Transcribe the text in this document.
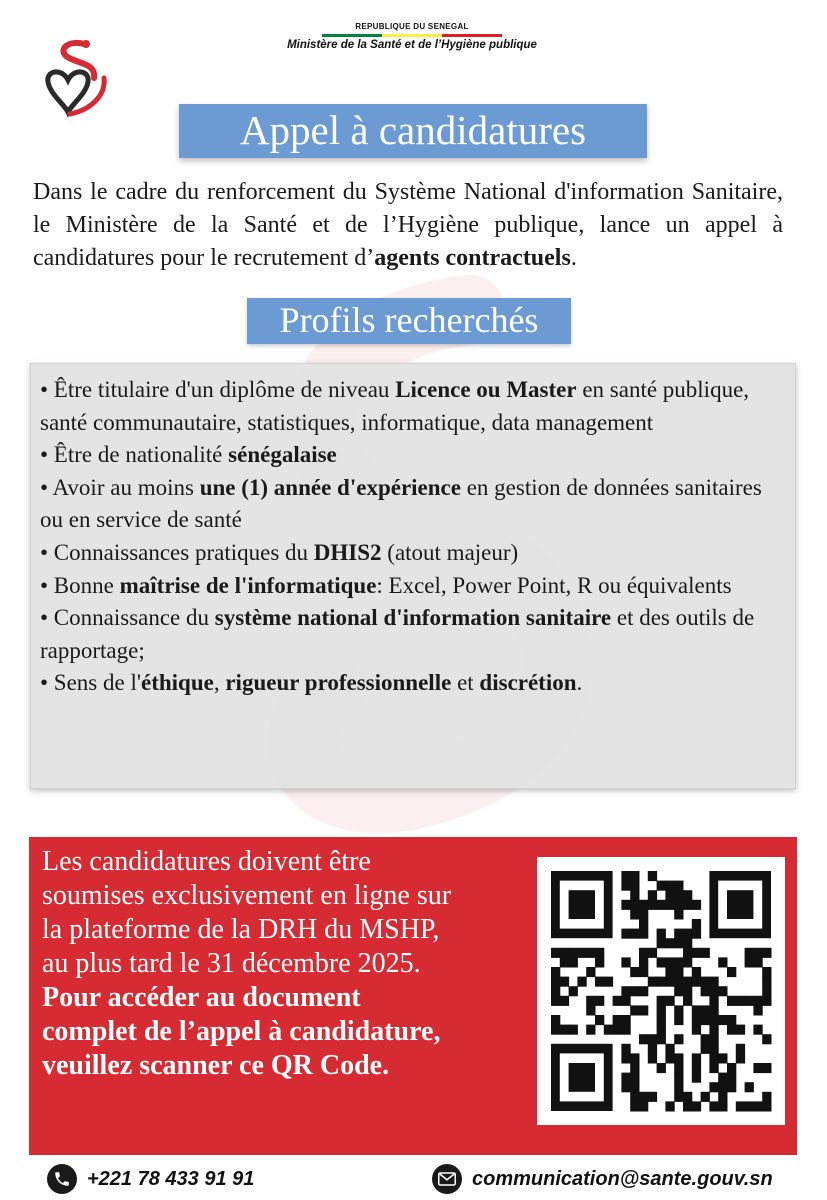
REPUBLIQUE DU SENEGAL
Ministère de la Santé et de l’Hygiène publique
Appel à candidatures
Dans le cadre du renforcement du Système National d'information Sanitaire, le Ministère de la Santé et de l’Hygiène publique, lance un appel à candidatures pour le recrutement d’agents contractuels.
Profils recherchés

• Être titulaire d'un diplôme de niveau Licence ou Master en santé publique, santé communautaire, statistiques, informatique, data management

• Être de nationalité sénégalaise

• Avoir au moins une (1) année d'expérience en gestion de données sanitaires ou en service de santé

• Connaissances pratiques du DHIS2 (atout majeur)

• Bonne maîtrise de l'informatique: Excel, Power Point, R ou équivalents

• Connaissance du système national d'information sanitaire et des outils de rapportage;

• Sens de l'éthique, rigueur professionnelle et discrétion.

Les candidatures doivent être

soumises exclusivement en ligne sur

la plateforme de la DRH du MSHP,

au plus tard le 31 décembre 2025.

Pour accéder au document

complet de l’appel à candidature,

veuillez scanner ce QR Code.

+221 78 433 91 91	communication@sante.gouv.sn
